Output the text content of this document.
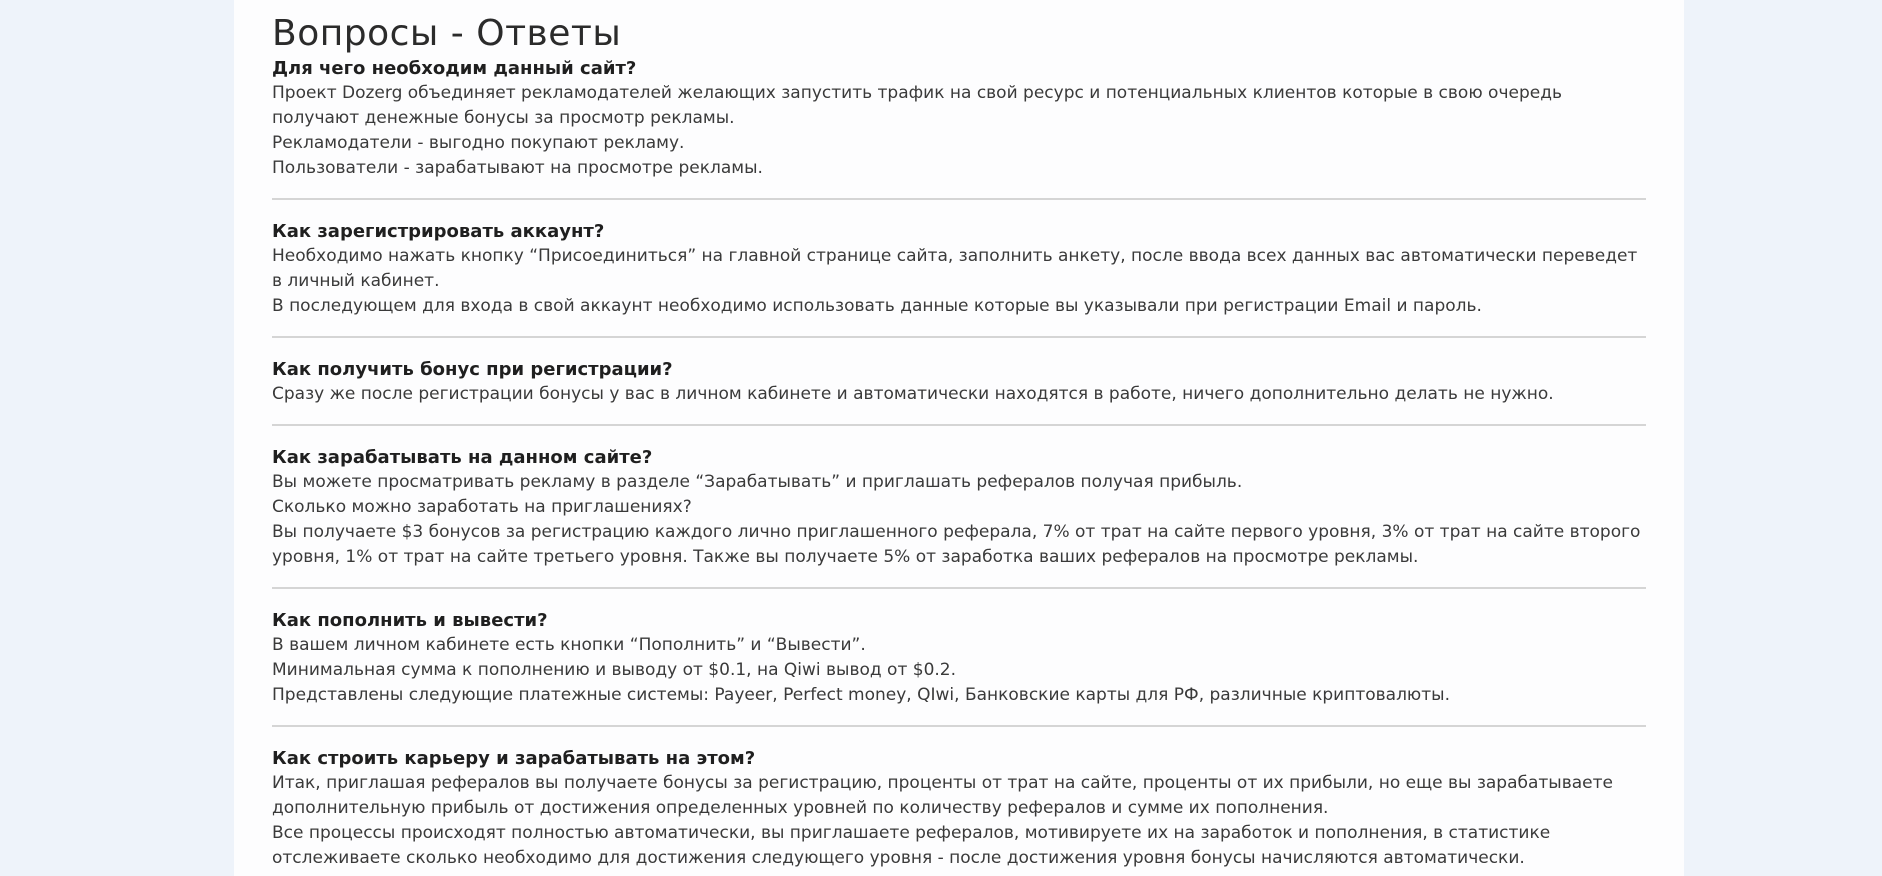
Вопросы - Ответы
Для чего необходим данный сайт?

Проект Dozerg объединяет рекламодателей желающих запустить трафик на свой ресурс и потенциальных клиентов которые в свою очередь получают денежные бонусы за просмотр рекламы.

Рекламодатели - выгодно покупают рекламу.

Пользователи - зарабатывают на просмотре рекламы.

Как зарегистрировать аккаунт?

Необходимо нажать кнопку “Присоединиться” на главной странице сайта, заполнить анкету, после ввода всех данных вас автоматически переведет в личный кабинет.

В последующем для входа в свой аккаунт необходимо использовать данные которые вы указывали при регистрации Email и пароль.

Как получить бонус при регистрации?

Сразу же после регистрации бонусы у вас в личном кабинете и автоматически находятся в работе, ничего дополнительно делать не нужно.

Как зарабатывать на данном сайте?

Вы можете просматривать рекламу в разделе “Зарабатывать” и приглашать рефералов получая прибыль.

Сколько можно заработать на приглашениях?

Вы получаете $3 бонусов за регистрацию каждого лично приглашенного реферала, 7% от трат на сайте первого уровня, 3% от трат на сайте второго уровня, 1% от трат на сайте третьего уровня. Также вы получаете 5% от заработка ваших рефералов на просмотре рекламы.

Как пополнить и вывести?

В вашем личном кабинете есть кнопки “Пополнить” и “Вывести”.

Минимальная сумма к пополнению и выводу от $0.1, на Qiwi вывод от $0.2.

Представлены следующие платежные системы: Payeer, Perfect money, QIwi, Банковские карты для РФ, различные криптовалюты.

Как строить карьеру и зарабатывать на этом?

Итак, приглашая рефералов вы получаете бонусы за регистрацию, проценты от трат на сайте, проценты от их прибыли, но еще вы зарабатываете дополнительную прибыль от достижения определенных уровней по количеству рефералов и сумме их пополнения.

Все процессы происходят полностью автоматически, вы приглашаете рефералов, мотивируете их на заработок и пополнения, в статистике отслеживаете сколько необходимо для достижения следующего уровня - после достижения уровня бонусы начисляются автоматически.
